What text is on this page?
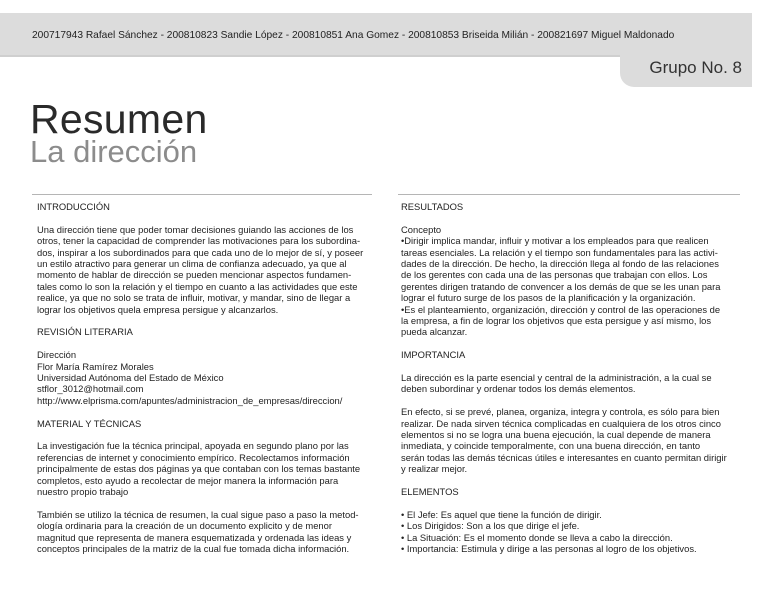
200717943 Rafael Sánchez - 200810823 Sandie López - 200810851 Ana Gomez - 200810853 Briseida Milián - 200821697 Miguel Maldonado
Grupo No. 8
Resumen
La dirección

INTRODUCCIÓN

Una dirección tiene que poder tomar decisiones guiando las acciones de los

otros, tener la capacidad de comprender las motivaciones para los subordina-

dos, inspirar a los subordinados para que cada uno de lo mejor de sí, y poseer

un estilo atractivo para generar un clima de confianza adecuado, ya que al

momento de hablar de dirección se pueden mencionar aspectos fundamen-

tales como lo son la relación y el tiempo en cuanto a las actividades que este

realice, ya que no solo se trata de influir, motivar, y mandar, sino de llegar a

lograr los objetivos quela empresa persigue y alcanzarlos.

REVISIÓN LITERARIA

Dirección

Flor María Ramírez Morales

Universidad Autónoma del Estado de México

stflor_3012@hotmail.com

http://www.elprisma.com/apuntes/administracion_de_empresas/direccion/

MATERIAL Y TÉCNICAS

La investigación fue la técnica principal, apoyada en segundo plano por las

referencias de internet y conocimiento empírico. Recolectamos información

principalmente de estas dos páginas ya que contaban con los temas bastante

completos, esto ayudo a recolectar de mejor manera la información para

nuestro propio trabajo

También se utilizo la técnica de resumen, la cual sigue paso a paso la metod-

ología ordinaria para la creación de un documento explicito y de menor

magnitud que representa de manera esquematizada y ordenada las ideas y

conceptos principales de la matriz de la cual fue tomada dicha información.

RESULTADOS

Concepto

•Dirigir implica mandar, influir y motivar a los empleados para que realicen

tareas esenciales. La relación y el tiempo son fundamentales para las activi-

dades de la dirección. De hecho, la dirección llega al fondo de las relaciones

de los gerentes con cada una de las personas que trabajan con ellos. Los

gerentes dirigen tratando de convencer a los demás de que se les unan para

lograr el futuro surge de los pasos de la planificación y la organización.

•Es el planteamiento, organización, dirección y control de las operaciones de

la empresa, a fin de lograr los objetivos que esta persigue y así mismo, los

pueda alcanzar.

IMPORTANCIA

La dirección es la parte esencial y central de la administración, a la cual se

deben subordinar y ordenar todos los demás elementos.

En efecto, si se prevé, planea, organiza, integra y controla, es sólo para bien

realizar. De nada sirven técnica complicadas en cualquiera de los otros cinco

elementos si no se logra una buena ejecución, la cual depende de manera

inmediata, y coincide temporalmente, con una buena dirección, en tanto

serán todas las demás técnicas útiles e interesantes en cuanto permitan dirigir

y realizar mejor.

ELEMENTOS

• El Jefe: Es aquel que tiene la función de dirigir.

• Los Dirigidos: Son a los que dirige el jefe.

• La Situación: Es el momento donde se lleva a cabo la dirección.

• Importancia: Estimula y dirige a las personas al logro de los objetivos.
